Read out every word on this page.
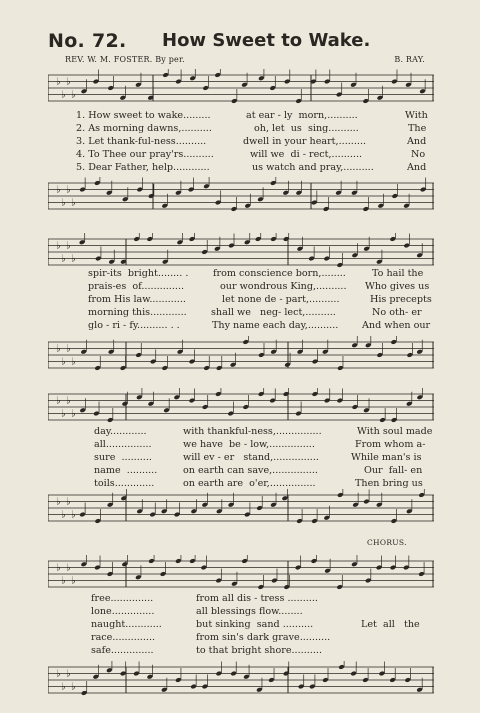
No. 72. How Sweet to Wake.
REV. W. M. FOSTER. By per.	B. RAY.
♭
♭
♭
♭
♭
♭
♭
♭
♭
♭
♭
♭
♭
♭
♭
♭
♭
♭
♭
♭
♭
♭
♭
♭
♭
♭
♭
♭
♭
♭
♭
♭
CHORUS.

1. How sweet to wake.........

	at ear - ly  morn,..........

	With

2. As morning dawns,..........

	oh, let  us  sing..........

	The

3. Let thank-ful-ness..........

	dwell in your heart,.........

	And

4. To Thee our pray'rs..........

	will we  di - rect,..........

	No

5. Dear Father, help............

	us watch and pray,..........

	And

spir-its  bright........ .

	from conscience born,........

	To hail the

prais-es  of..............

	our wondrous King,..........

Who gives us

from His law............

	let none de - part,..........

	His precepts

morning this............

	shall we   neg- lect,..........

	No oth- er

glo - ri - fy.......... . .

	Thy name each day,..........

And when our

day............

	with thankful-ness,...............

	With soul made

all...............

	we have  be - low,...............

	From whom a-

sure  ..........

	will ev - er   stand,...............

	While man's is

name  ..........

	on earth can save,...............

	Our  fall- en

toils.............

	on earth are  o'er,...............

	Then bring us

free..............

	from all dis - tress ..........

lone..............

	all blessings flow........

naught............

	but sinking  sand ..........

	Let  all   the

race..............

	from sin's dark grave..........

safe..............

	to that bright shore..........
